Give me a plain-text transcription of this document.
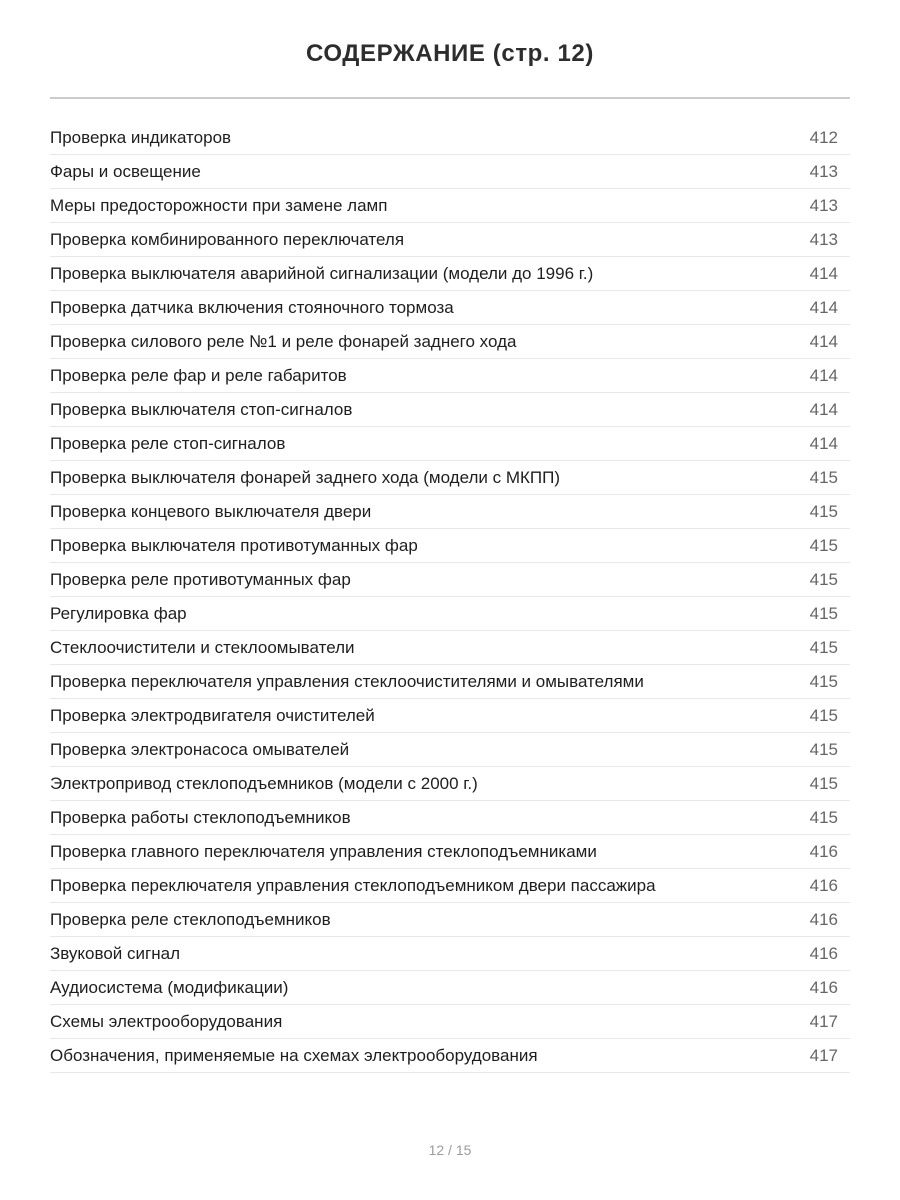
СОДЕРЖАНИЕ (стр. 12)
Проверка индикаторов	412
Фары и освещение	413
Меры предосторожности при замене ламп	413
Проверка комбинированного переключателя	413
Проверка выключателя аварийной сигнализации (модели до 1996 г.)	414
Проверка датчика включения стояночного тормоза	414
Проверка силового реле №1 и реле фонарей заднего хода	414
Проверка реле фар и реле габаритов	414
Проверка выключателя стоп-сигналов	414
Проверка реле стоп-сигналов	414
Проверка выключателя фонарей заднего хода (модели с МКПП)	415
Проверка концевого выключателя двери	415
Проверка выключателя противотуманных фар	415
Проверка реле противотуманных фар	415
Регулировка фар	415
Стеклоочистители и стеклоомыватели	415
Проверка переключателя управления стеклоочистителями и омывателями	415
Проверка электродвигателя очистителей	415
Проверка электронасоса омывателей	415
Электропривод стеклоподъемников (модели с 2000 г.)	415
Проверка работы стеклоподъемников	415
Проверка главного переключателя управления стеклоподъемниками	416
Проверка переключателя управления стеклоподъемником двери пассажира	416
Проверка реле стеклоподъемников	416
Звуковой сигнал	416
Аудиосистема (модификации)	416
Схемы электрооборудования	417
Обозначения, применяемые на схемах электрооборудования	417
12 / 15
